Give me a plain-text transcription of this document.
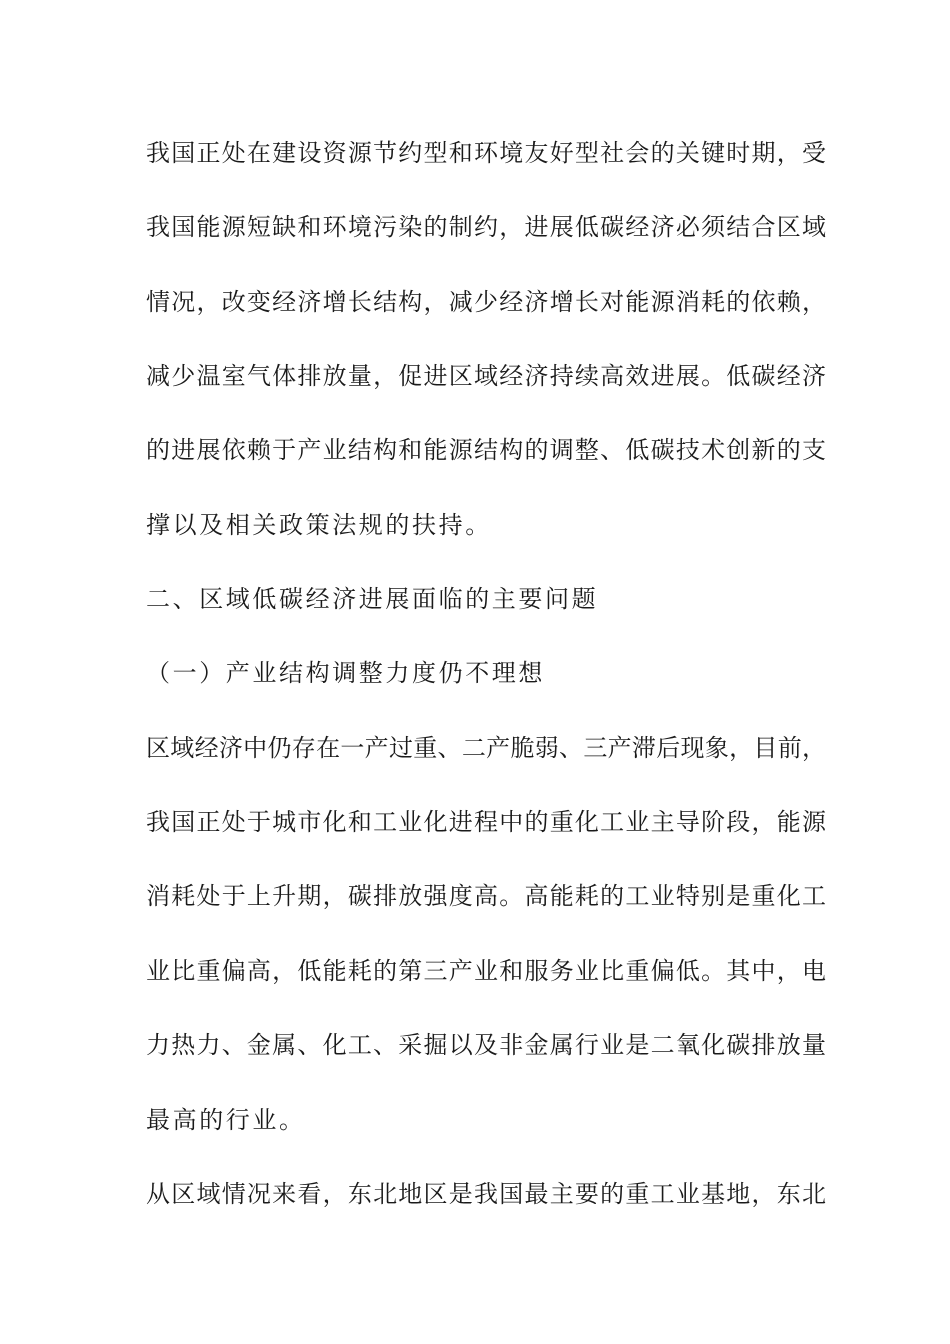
我国正处在建设资源节约型和环境友好型社会的关键时期，受
我国能源短缺和环境污染的制约，进展低碳经济必须结合区域
情况，改变经济增长结构，减少经济增长对能源消耗的依赖，
减少温室气体排放量，促进区域经济持续高效进展。低碳经济
的进展依赖于产业结构和能源结构的调整、低碳技术创新的支
撑以及相关政策法规的扶持。
二、区域低碳经济进展面临的主要问题
（一）产业结构调整力度仍不理想
区域经济中仍存在一产过重、二产脆弱、三产滞后现象，目前，
我国正处于城市化和工业化进程中的重化工业主导阶段，能源
消耗处于上升期，碳排放强度高。高能耗的工业特别是重化工
业比重偏高，低能耗的第三产业和服务业比重偏低。其中，电
力热力、金属、化工、采掘以及非金属行业是二氧化碳排放量
最高的行业。
从区域情况来看，东北地区是我国最主要的重工业基地，东北
